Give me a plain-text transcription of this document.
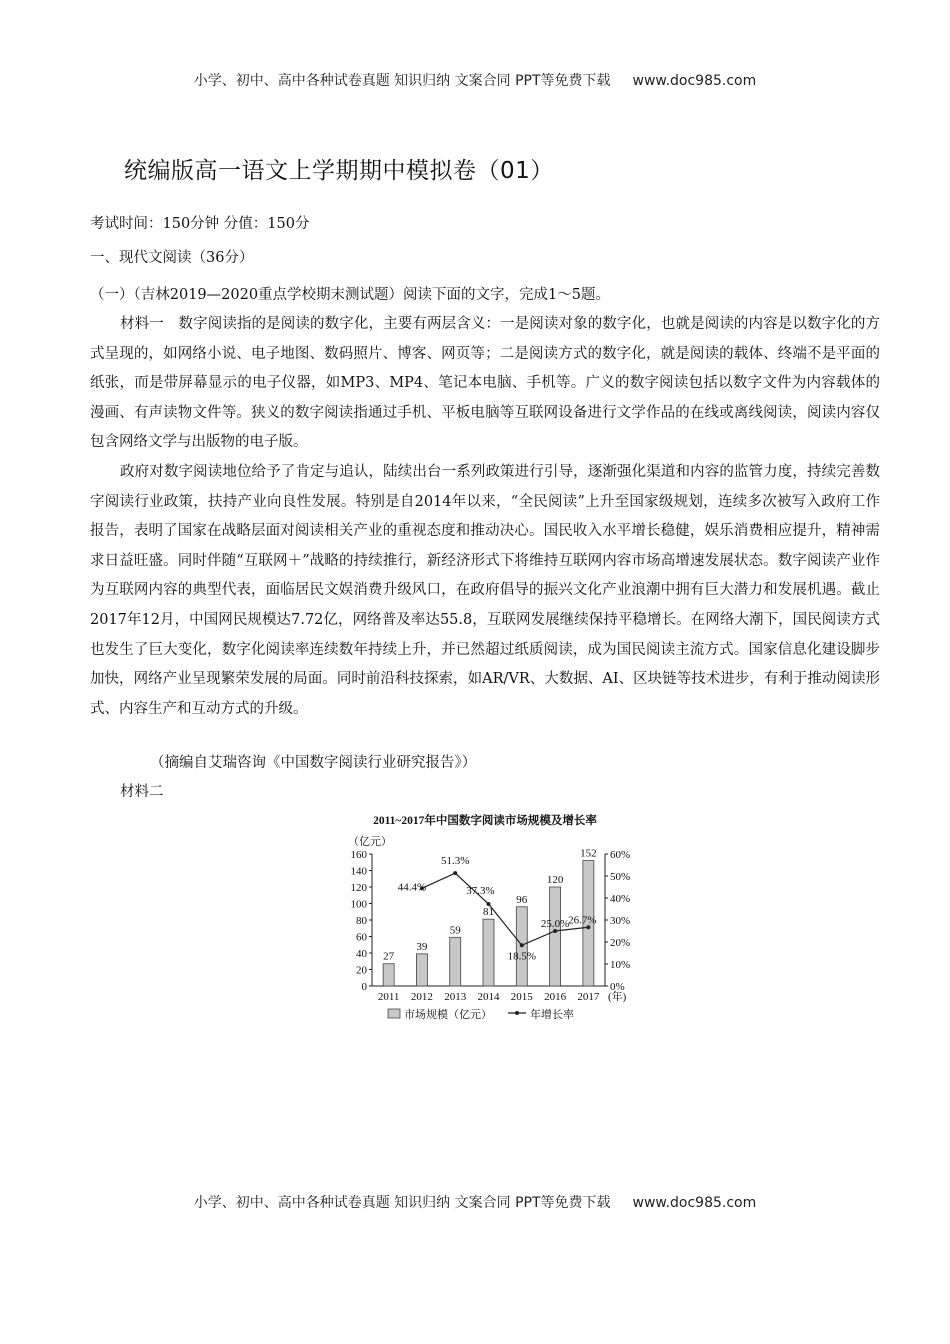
小学、初中、高中各种试卷真题 知识归纳 文案合同 PPT等免费下载 www.doc985.com
统编版高一语文上学期期中模拟卷（01）
考试时间：150分钟 分值：150分
一、现代文阅读（36分）
（一）（吉林2019—2020重点学校期末测试题）阅读下面的文字，完成1～5题。

材料一　数字阅读指的是阅读的数字化，主要有两层含义：一是阅读对象的数字化，也就是阅读的内容是以数字化的方式呈现的，如网络小说、电子地图、数码照片、博客、网页等；二是阅读方式的数字化，就是阅读的载体、终端不是平面的纸张，而是带屏幕显示的电子仪器，如MP3、MP4、笔记本电脑、手机等。广义的数字阅读包括以数字文件为内容载体的漫画、有声读物文件等。狭义的数字阅读指通过手机、平板电脑等互联网设备进行文学作品的在线或离线阅读，阅读内容仅包含网络文学与出版物的电子版。

政府对数字阅读地位给予了肯定与追认，陆续出台一系列政策进行引导，逐渐强化渠道和内容的监管力度，持续完善数字阅读行业政策，扶持产业向良性发展。特别是自2014年以来，“全民阅读”上升至国家级规划，连续多次被写入政府工作报告，表明了国家在战略层面对阅读相关产业的重视态度和推动决心。国民收入水平增长稳健，娱乐消费相应提升，精神需求日益旺盛。同时伴随“互联网＋”战略的持续推行，新经济形式下将维持互联网内容市场高增速发展状态。数字阅读产业作为互联网内容的典型代表，面临居民文娱消费升级风口，在政府倡导的振兴文化产业浪潮中拥有巨大潜力和发展机遇。截止2017年12月，中国网民规模达7.72亿，网络普及率达55.8，互联网发展继续保持平稳增长。在网络大潮下，国民阅读方式也发生了巨大变化，数字化阅读率连续数年持续上升，并已然超过纸质阅读，成为国民阅读主流方式。国家信息化建设脚步加快，网络产业呈现繁荣发展的局面。同时前沿科技探索，如AR/VR、大数据、AI、区块链等技术进步，有利于推动阅读形式、内容生产和互动方式的升级。

（摘编自艾瑞咨询《中国数字阅读行业研究报告》）
材料二
2011~2017年中国数字阅读市场规模及增长率
（亿元）
0
20
40
60
80
100
120
140
160
0%
10%
20%
30%
40%
50%
60%
2011 2012 2013 2014 2015 2016 2017 (年)
27
39
59
81
96
120
152
44.4%
51.3%
37.3%
18.5%
25.0%
26.7%
市场规模（亿元）	年增长率
小学、初中、高中各种试卷真题 知识归纳 文案合同 PPT等免费下载 www.doc985.com
